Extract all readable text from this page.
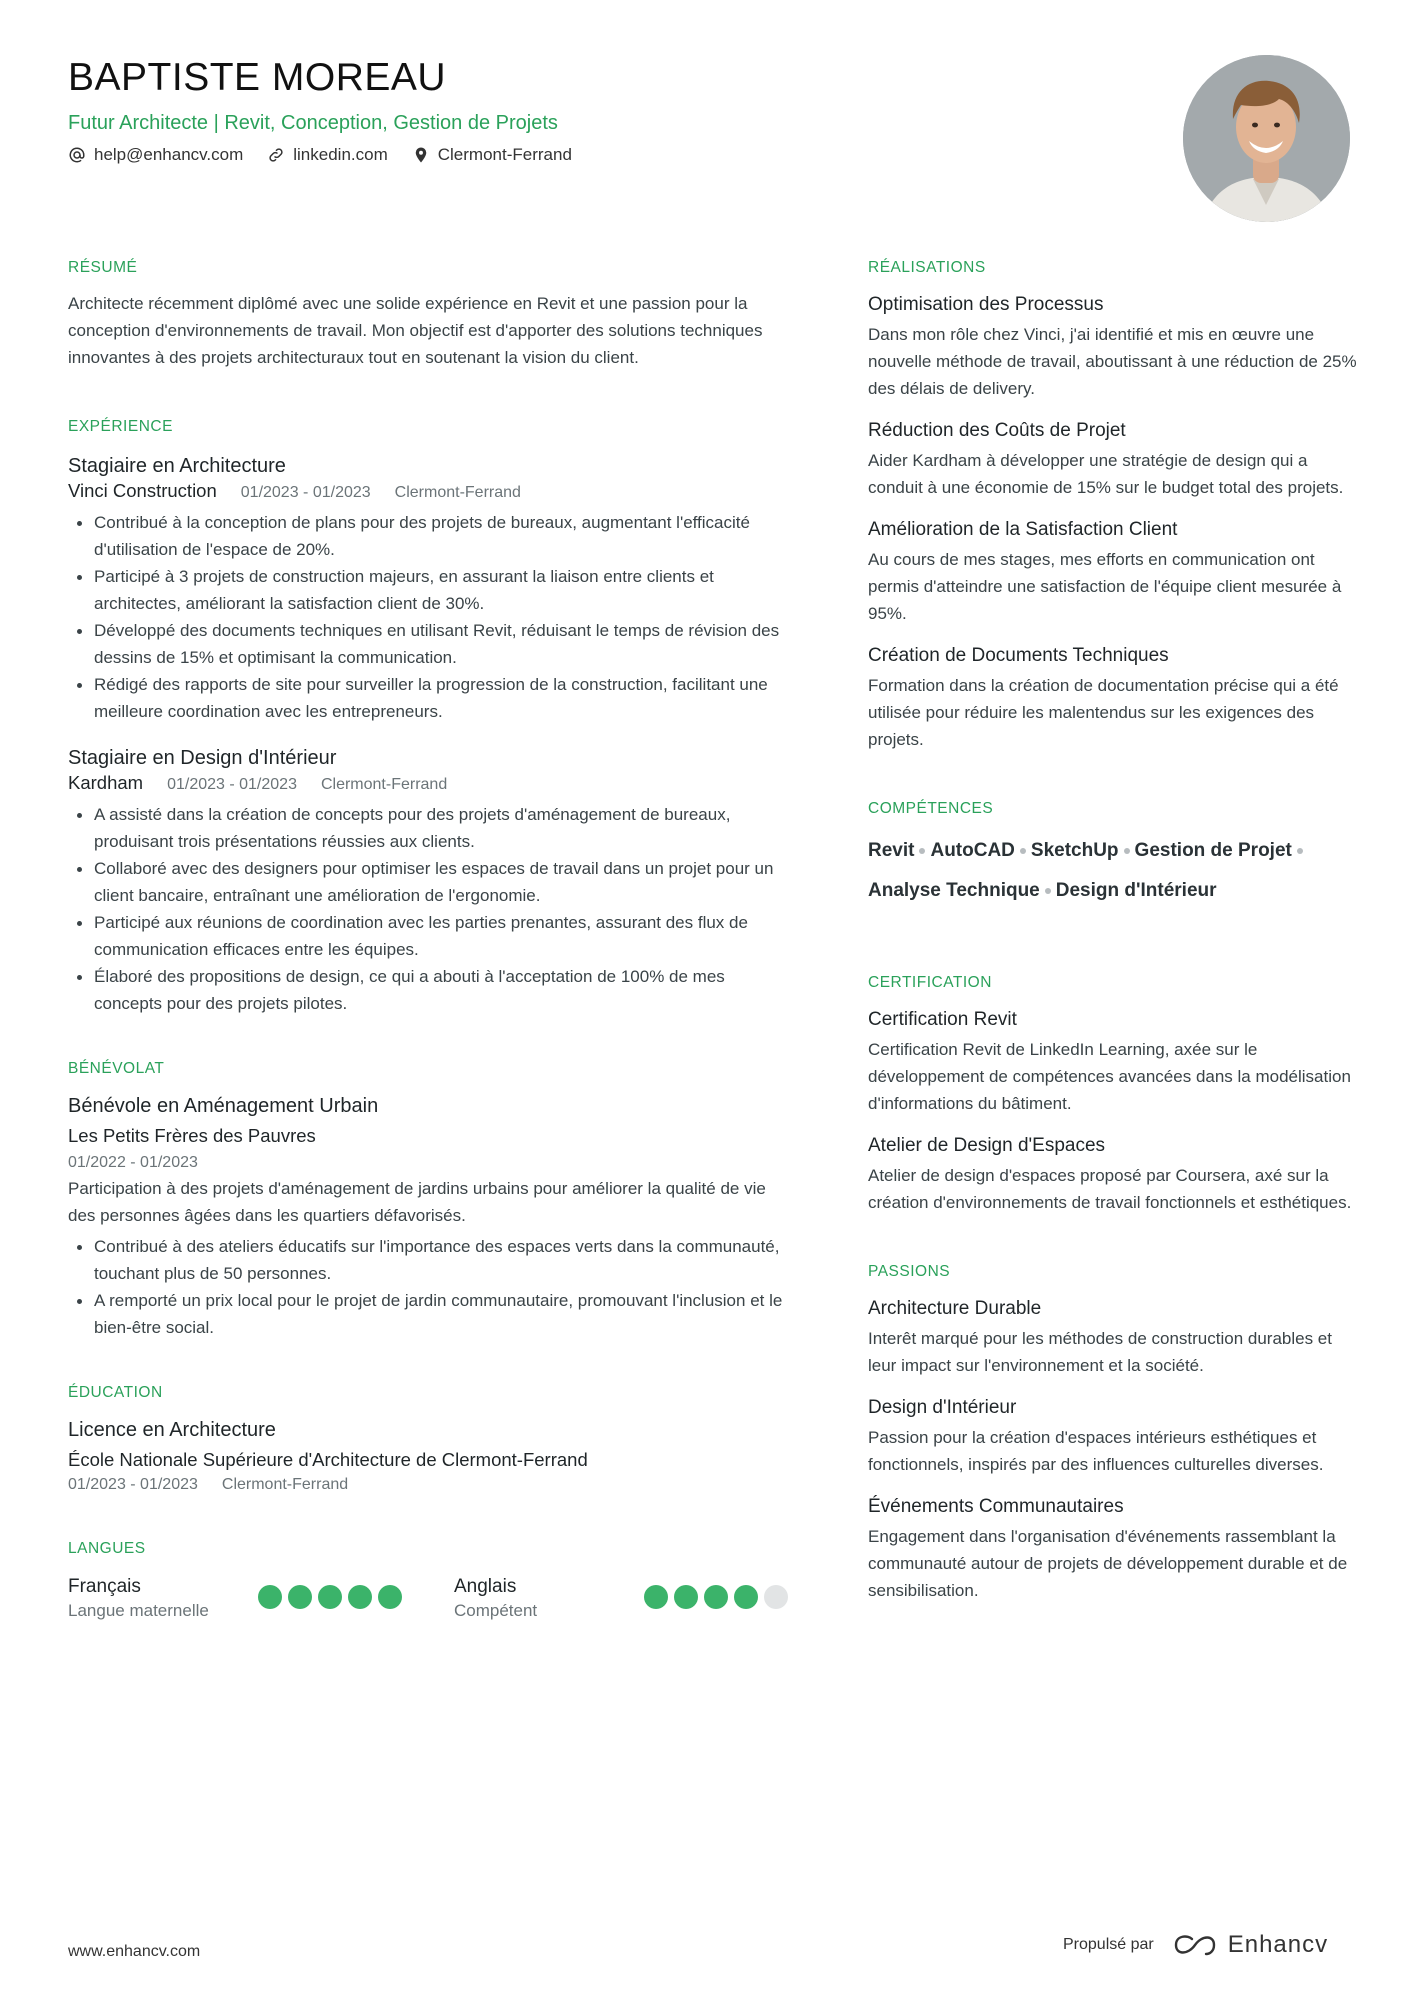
BAPTISTE MOREAU
Futur Architecte | Revit, Conception, Gestion de Projets
help@enhancv.com	linkedin.com	Clermont-Ferrand
RÉSUMÉ
Architecte récemment diplômé avec une solide expérience en Revit et une passion pour la conception d'environnements de travail. Mon objectif est d'apporter des solutions techniques innovantes à des projets architecturaux tout en soutenant la vision du client.
EXPÉRIENCE
Stagiaire en Architecture
Vinci Construction 01/2023 - 01/2023 Clermont-Ferrand
Contribué à la conception de plans pour des projets de bureaux, augmentant l'efficacité d'utilisation de l'espace de 20%.
Participé à 3 projets de construction majeurs, en assurant la liaison entre clients et architectes, améliorant la satisfaction client de 30%.
Développé des documents techniques en utilisant Revit, réduisant le temps de révision des dessins de 15% et optimisant la communication.
Rédigé des rapports de site pour surveiller la progression de la construction, facilitant une meilleure coordination avec les entrepreneurs.
Stagiaire en Design d'Intérieur
Kardham 01/2023 - 01/2023 Clermont-Ferrand
A assisté dans la création de concepts pour des projets d'aménagement de bureaux, produisant trois présentations réussies aux clients.
Collaboré avec des designers pour optimiser les espaces de travail dans un projet pour un client bancaire, entraînant une amélioration de l'ergonomie.
Participé aux réunions de coordination avec les parties prenantes, assurant des flux de communication efficaces entre les équipes.
Élaboré des propositions de design, ce qui a abouti à l'acceptation de 100% de mes concepts pour des projets pilotes.
BÉNÉVOLAT
Bénévole en Aménagement Urbain
Les Petits Frères des Pauvres
01/2022 - 01/2023
Participation à des projets d'aménagement de jardins urbains pour améliorer la qualité de vie des personnes âgées dans les quartiers défavorisés.
Contribué à des ateliers éducatifs sur l'importance des espaces verts dans la communauté, touchant plus de 50 personnes.
A remporté un prix local pour le projet de jardin communautaire, promouvant l'inclusion et le bien-être social.
ÉDUCATION
Licence en Architecture
École Nationale Supérieure d'Architecture de Clermont-Ferrand
01/2023 - 01/2023 Clermont-Ferrand
LANGUES
Français
Langue maternelle
Anglais
Compétent
RÉALISATIONS
Optimisation des Processus
Dans mon rôle chez Vinci, j'ai identifié et mis en œuvre une nouvelle méthode de travail, aboutissant à une réduction de 25% des délais de delivery.
Réduction des Coûts de Projet
Aider Kardham à développer une stratégie de design qui a conduit à une économie de 15% sur le budget total des projets.
Amélioration de la Satisfaction Client
Au cours de mes stages, mes efforts en communication ont permis d'atteindre une satisfaction de l'équipe client mesurée à 95%.
Création de Documents Techniques
Formation dans la création de documentation précise qui a été utilisée pour réduire les malentendus sur les exigences des projets.
COMPÉTENCES
Revit AutoCAD SketchUp Gestion de Projet
Analyse Technique Design d'Intérieur
CERTIFICATION
Certification Revit
Certification Revit de LinkedIn Learning, axée sur le développement de compétences avancées dans la modélisation d'informations du bâtiment.
Atelier de Design d'Espaces
Atelier de design d'espaces proposé par Coursera, axé sur la création d'environnements de travail fonctionnels et esthétiques.
PASSIONS
Architecture Durable
Interêt marqué pour les méthodes de construction durables et leur impact sur l'environnement et la société.
Design d'Intérieur
Passion pour la création d'espaces intérieurs esthétiques et fonctionnels, inspirés par des influences culturelles diverses.
Événements Communautaires
Engagement dans l'organisation d'événements rassemblant la communauté autour de projets de développement durable et de sensibilisation.
www.enhancv.com	Propulsé par	Enhancv
